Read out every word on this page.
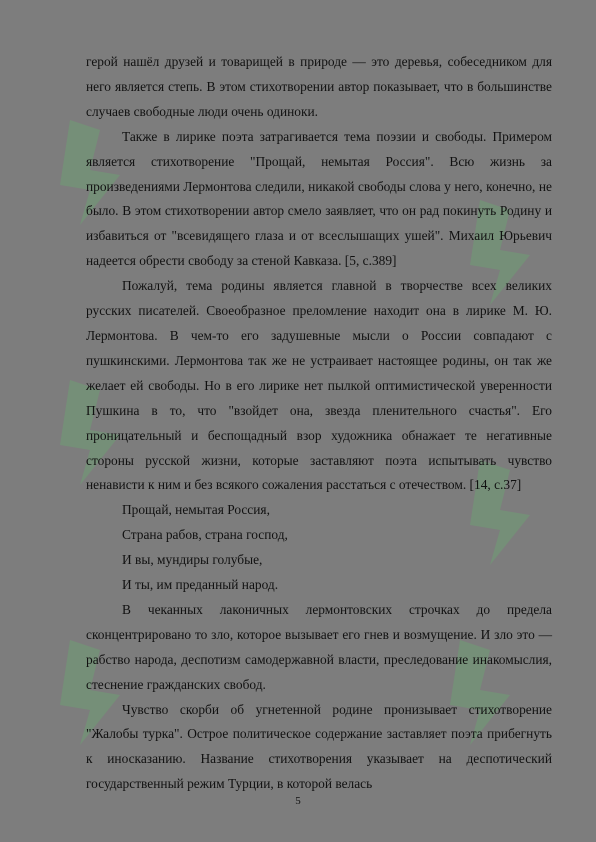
герой нашёл друзей и товарищей в природе — это деревья, собеседником для него является степь. В этом стихотворении автор показывает, что в большинстве случаев свободные люди очень одиноки.

Также в лирике поэта затрагивается тема поэзии и свободы. Примером является стихотворение "Прощай, немытая Россия". Всю жизнь за произведениями Лермонтова следили, никакой свободы слова у него, конечно, не было. В этом стихотворении автор смело заявляет, что он рад покинуть Родину и избавиться от "всевидящего глаза и от всеслышащих ушей". Михаил Юрьевич надеется обрести свободу за стеной Кавказа. [5, с.389]

Пожалуй, тема родины является главной в творчестве всех великих русских писателей. Своеобразное преломление находит она в лирике М. Ю. Лермонтова. В чем-то его задушевные мысли о России совпадают с пушкинскими. Лермонтова так же не устраивает настоящее родины, он так же желает ей свободы. Но в его лирике нет пылкой оптимистической уверенности Пушкина в то, что "взойдет она, звезда пленительного счастья". Его проницательный и беспощадный взор художника обнажает те негативные стороны русской жизни, которые заставляют поэта испытывать чувство ненависти к ним и без всякого сожаления расстаться с отечеством. [14, с.37]

Прощай, немытая Россия,

Страна рабов, страна господ,

И вы, мундиры голубые,

И ты, им преданный народ.

В чеканных лаконичных лермонтовских строчках до предела сконцентрировано то зло, которое вызывает его гнев и возмущение. И зло это — рабство народа, деспотизм самодержавной власти, преследование инакомыслия, стеснение гражданских свобод.

Чувство скорби об угнетенной родине пронизывает стихотворение "Жалобы турка". Острое политическое содержание заставляет поэта прибегнуть к иносказанию. Название стихотворения указывает на деспотический государственный режим Турции, в которой велась

5
